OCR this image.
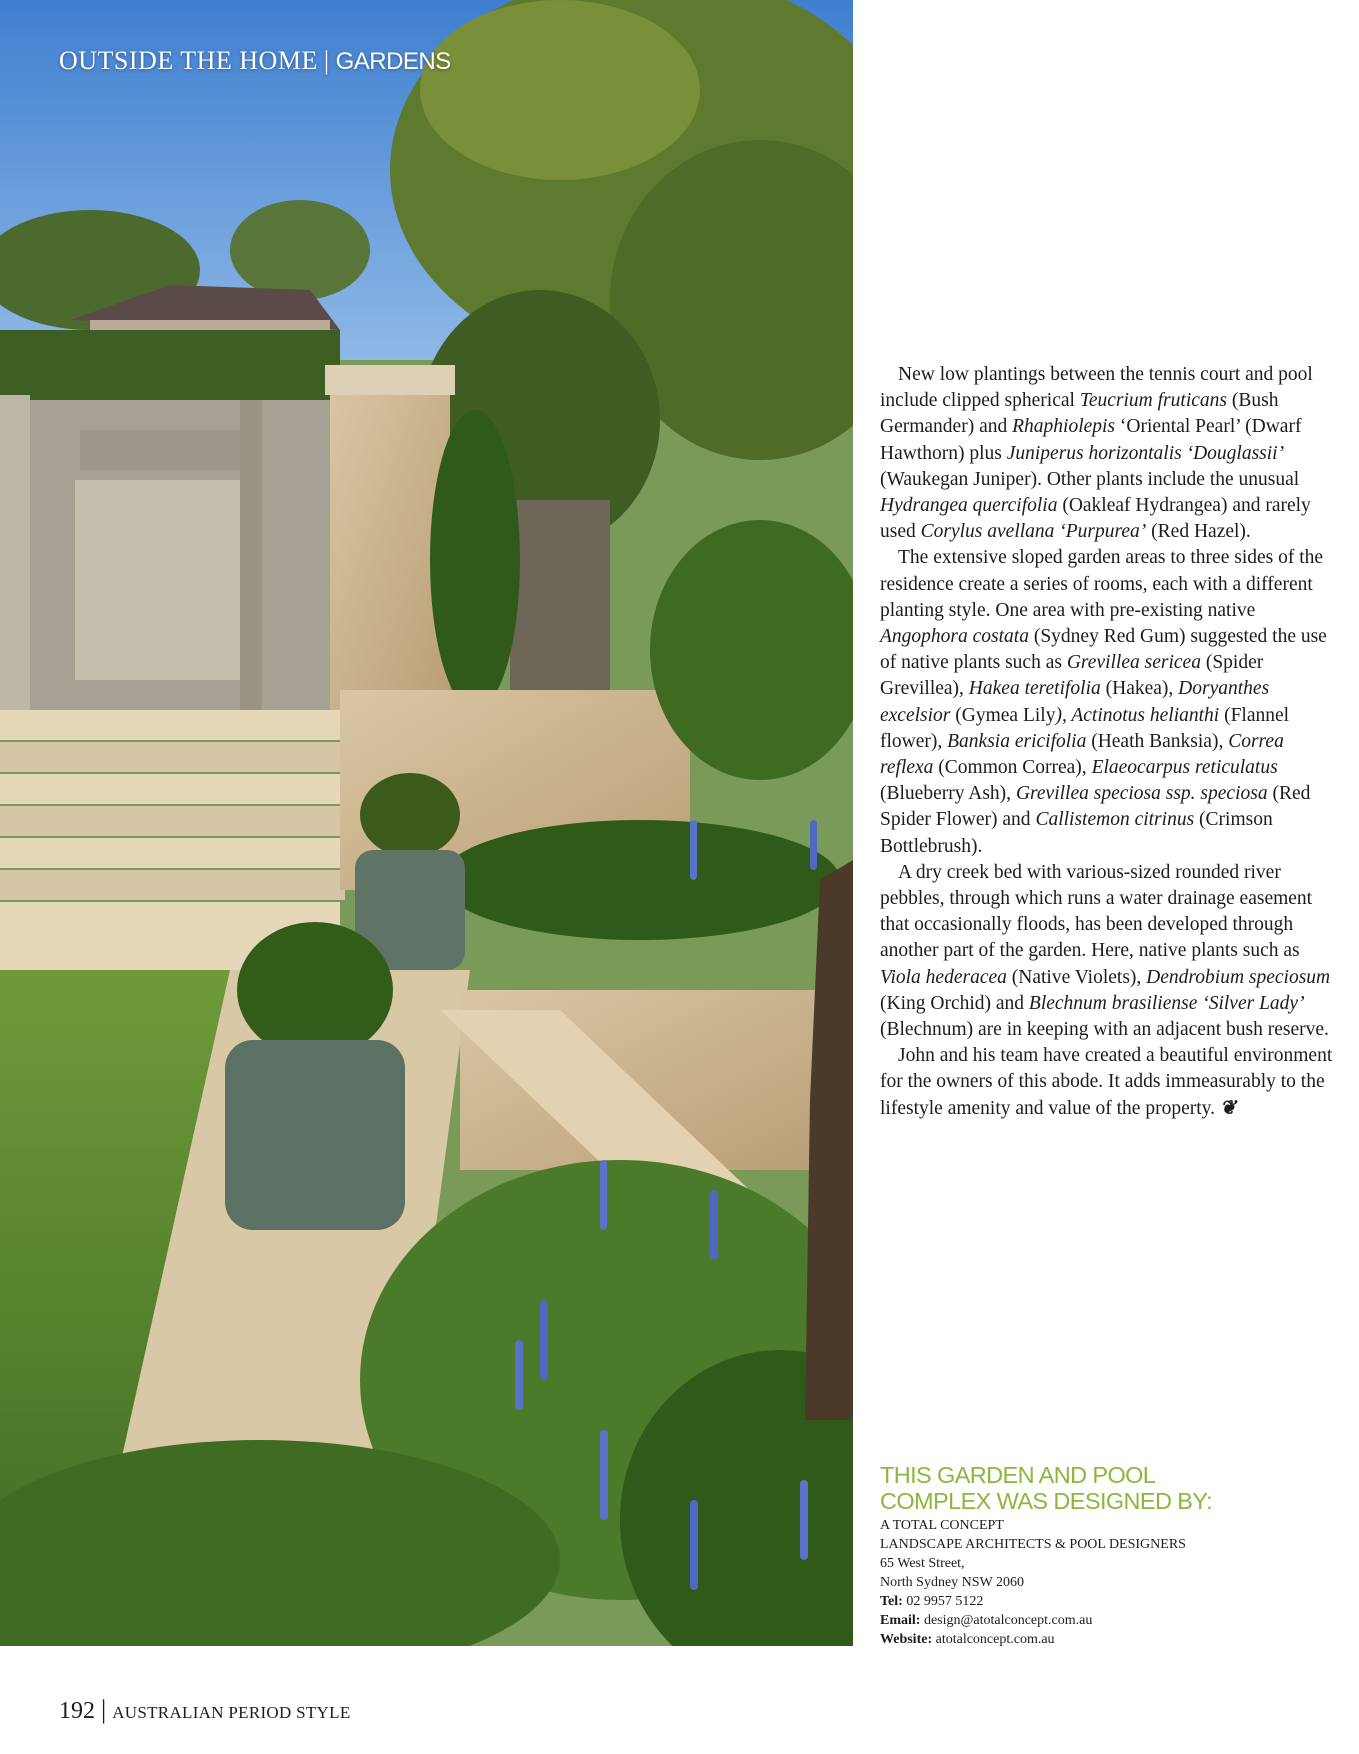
OUTSIDE THE HOME | GARDENS

New low plantings between the tennis court and pool include clipped spherical Teucrium fruticans (Bush Germander) and Rhaphiolepis ‘Oriental Pearl’ (Dwarf Hawthorn) plus Juniperus horizontalis ‘Douglassii’ (Waukegan Juniper). Other plants include the unusual Hydrangea quercifolia (Oakleaf Hydrangea) and rarely used Corylus avellana ‘Purpurea’ (Red Hazel).

The extensive sloped garden areas to three sides of the residence create a series of rooms, each with a different planting style. One area with pre-existing native Angophora costata (Sydney Red Gum) suggested the use of native plants such as Grevillea sericea (Spider Grevillea), Hakea teretifolia (Hakea), Doryanthes excelsior (Gymea Lily), Actinotus helianthi (Flannel flower), Banksia ericifolia (Heath Banksia), Correa reflexa (Common Correa), Elaeocarpus reticulatus (Blueberry Ash), Grevillea speciosa ssp. speciosa (Red Spider Flower) and Callistemon citrinus (Crimson Bottlebrush).

A dry creek bed with various-sized rounded river pebbles, through which runs a water drainage easement that occasionally floods, has been developed through another part of the garden. Here, native plants such as Viola hederacea (Native Violets), Dendrobium speciosum (King Orchid) and Blechnum brasiliense ‘Silver Lady’ (Blechnum) are in keeping with an adjacent bush reserve.

John and his team have created a beautiful environment for the owners of this abode. It adds immeasurably to the lifestyle amenity and value of the property. ❦

THIS GARDEN AND POOL
COMPLEX WAS DESIGNED BY:
A TOTAL CONCEPT
LANDSCAPE ARCHITECTS & POOL DESIGNERS
65 West Street,
North Sydney NSW 2060
Tel: 02 9957 5122
Email: design@atotalconcept.com.au
Website: atotalconcept.com.au
192 | AUSTRALIAN PERIOD STYLE
